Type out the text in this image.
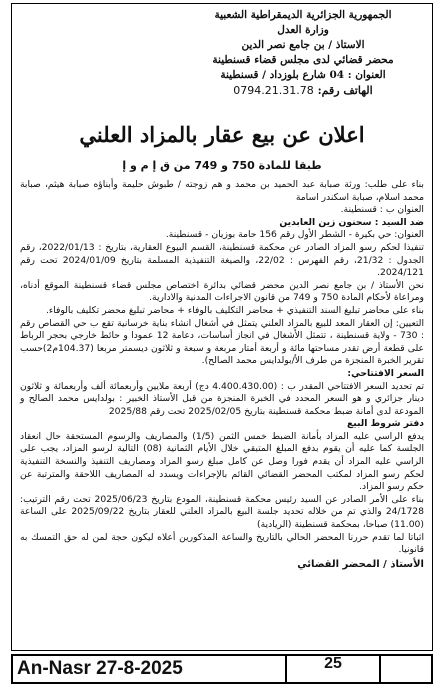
الجمهورية الجزائرية الديمقراطية الشعبية
وزارة العدل
الاستاذ / بن جامع نصر الدين
محضر قضائي لدى مجلس قضاء قسنطينة
العنوان : 04 شارع بلوزداد / قسنطينة
الهاتف رقم: 0794.21.31.78
اعلان عن بيع عقار بالمزاد العلني
طبقا للمادة 750 و 749 من ق إ م و إ

بناء على طلب: ورثة صبابة عبد الحميد بن محمد و هم زوجته / طبوش حليمة وأبناؤه صبابة هيثم، صبابة محمد اسلام، صبابة اسكندر اسامة

العنوان ب : قسنطينة.

ضد السيد : سحنون زين العابدين

العنوان: حي بكيرة - الشطر الأول رقم 156 حامة بوزيان - قسنطينة.

تنفيذا لحكم رسو المزاد الصادر عن محكمة قسنطينة، القسم البيوع العقارية، بتاريخ : 2022/01/13، رقم الجدول : 21/32، رقم الفهرس : 22/02، والصيغة التنفيذية المسلمة بتاريخ 2024/01/09 تحت رقم 2024/121.

نحن الأستاذ / بن جامع نصر الدين محضر قضائي بدائرة اختصاص مجلس قضاء قسنطينة الموقع أدناه، ومراعاة لأحكام المادة 750 و 749 من قانون الاجراءات المدنية والادارية.

بناء على محاضر تبليغ السند التنفيذي + محاضر التكليف بالوفاء + محاضر تبليغ محضر تكليف بالوفاء.

التعيين: إن العقار المعد للبيع بالمزاد العلني يتمثل في أشغال انشاء بناية خرسانية تقع ب حي القصاص رقم : 730 - ولاية قسنطينة ، تتمثل الأشغال في انجاز أساسات، دعامة 12 عمودا و حائط خارجي بحجر الرباط على قطعة أرض تقدر مساحتها مائة و أربعة أمتار مربعة و سبعة و ثلاثون ديسمتر مربعا (104.37م2)حسب تقرير الخبرة المنجزة من طرف الأ/بولدايس محمد الصالح).

السعر الافتتاحي:

تم تحديد السعر الافتتاحي المقدر ب : (4.400.430.00 دج) أربعة ملايين وأربعمائة ألف وأربعمائة و ثلاثون دينار جزائري و هو السعر المحدد في الخبرة المنجزة من قبل الأستاذ الخبير : بولدايس محمد الصالح و المودعة لدى أمانة ضبط محكمة قسنطينة بتاريخ 2025/02/05 تحت رقم 2025/88

دفتر شروط البيع

يدفع الراسي عليه المزاد بأمانة الضبط خمس الثمن (1/5) والمصاريف والرسوم المستحقة حال انعقاد الجلسة كما عليه أن يقوم بدفع المبلغ المتبقي خلال الأيام الثمانية (08) التالية لرسو المزاد، يجب على الراسي عليه المزاد أن يقدم فورا وصل عن كامل مبلغ رسو المزاد ومصاريف التنفيذ والنسخة التنفيذية لحكم رسو المزاد لمكتب المحضر القضائي القائم بالإجراءات ويسدد له المصاريف اللاحقة والمترتبة عن حكم رسو المزاد.

بناء على الأمر الصادر عن السيد رئيس محكمة قسنطينة، المودع بتاريخ 2025/06/23 تحت رقم الترتيب: 24/1728 والذي تم من خلاله تحديد جلسة البيع بالمزاد العلني للعقار بتاريخ 2025/09/22 على الساعة (11.00) صباحا، بمحكمة قسنطينة (الريادية)

اثباتا لما تقدم حررنا المحضر الحالي بالتاريخ والساعة المذكورين أعلاه ليكون حجة لمن له حق التمسك به قانونيا.

الأستاذ / المحضر القضائي

An-Nasr 27-8-2025	25
